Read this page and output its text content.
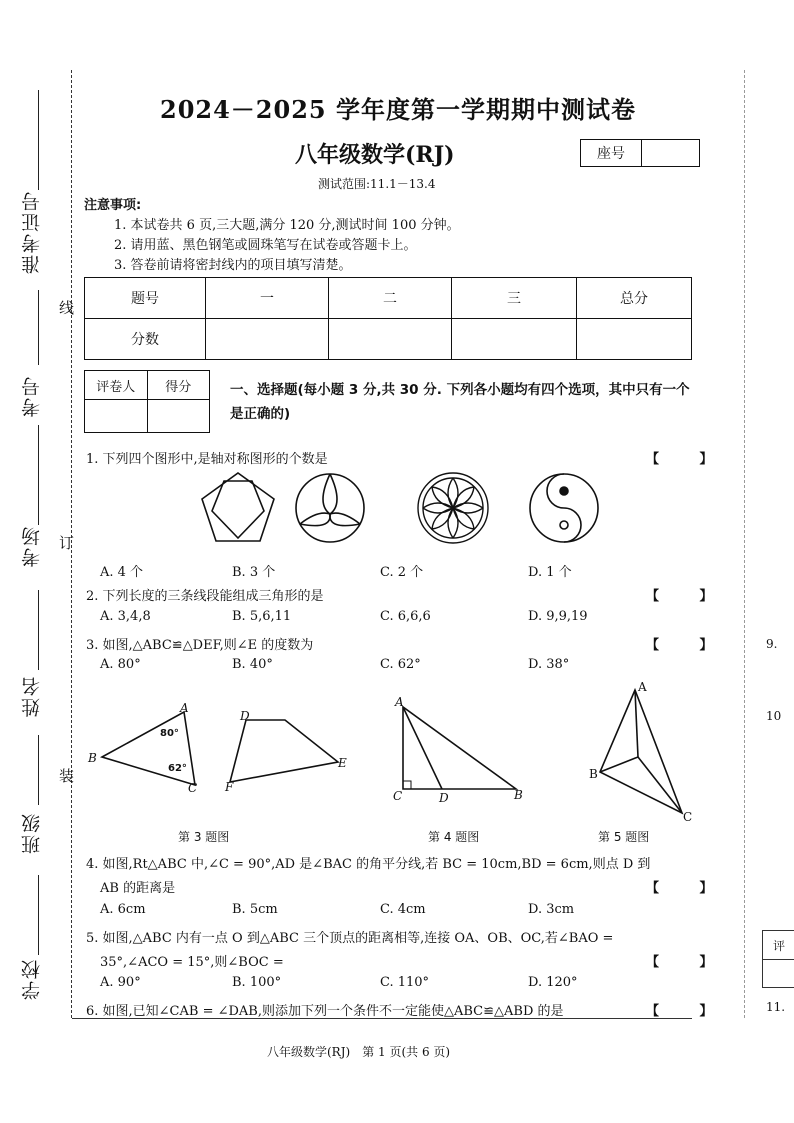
准考证号
考号
考场
姓名
班级
学校
线
订
装
2024－2025 学年度第一学期期中测试卷
八年级数学(RJ)	座号
测试范围:11.1－13.4
注意事项:
1. 本试卷共 6 页,三大题,满分 120 分,测试时间 100 分钟。
2. 请用蓝、黑色钢笔或圆珠笔写在试卷或答题卡上。
3. 答卷前请将密封线内的项目填写清楚。
题号	一	二	三	总分
分数				
评卷人	得分
		一、选择题(每小题 3 分,共 30 分. 下列各小题均有四个选项，其中只有一个是正确的)
1. 下列四个图形中,是轴对称图形的个数是	【 】
A. 4 个	B. 3 个	C. 2 个	D. 1 个
2. 下列长度的三条线段能组成三角形的是	【 】
A. 3,4,8	B. 5,6,11	C. 6,6,6	D. 9,9,19
3. 如图,△ABC≌△DEF,则∠E 的度数为	【 】
A. 80°	B. 40°	C. 62°	D. 38°
A
B
C
D
E
F
80°
62°
A
C	D	B
A
B
C
第 3 题图	第 4 题图	第 5 题图
4. 如图,Rt△ABC 中,∠C = 90°,AD 是∠BAC 的角平分线,若 BC = 10cm,BD = 6cm,则点 D 到
AB 的距离是	【 】
A. 6cm	B. 5cm	C. 4cm	D. 3cm
5. 如图,△ABC 内有一点 O 到△ABC 三个顶点的距离相等,连接 OA、OB、OC,若∠BAO =
35°,∠ACO = 15°,则∠BOC =	【 】
A. 90°	B. 100°	C. 110°	D. 120°
6. 如图,已知∠CAB = ∠DAB,则添加下列一个条件不一定能使△ABC≌△ABD 的是	【 】
八年级数学(RJ)　第 1 页(共 6 页)
9.
10
评
11.
